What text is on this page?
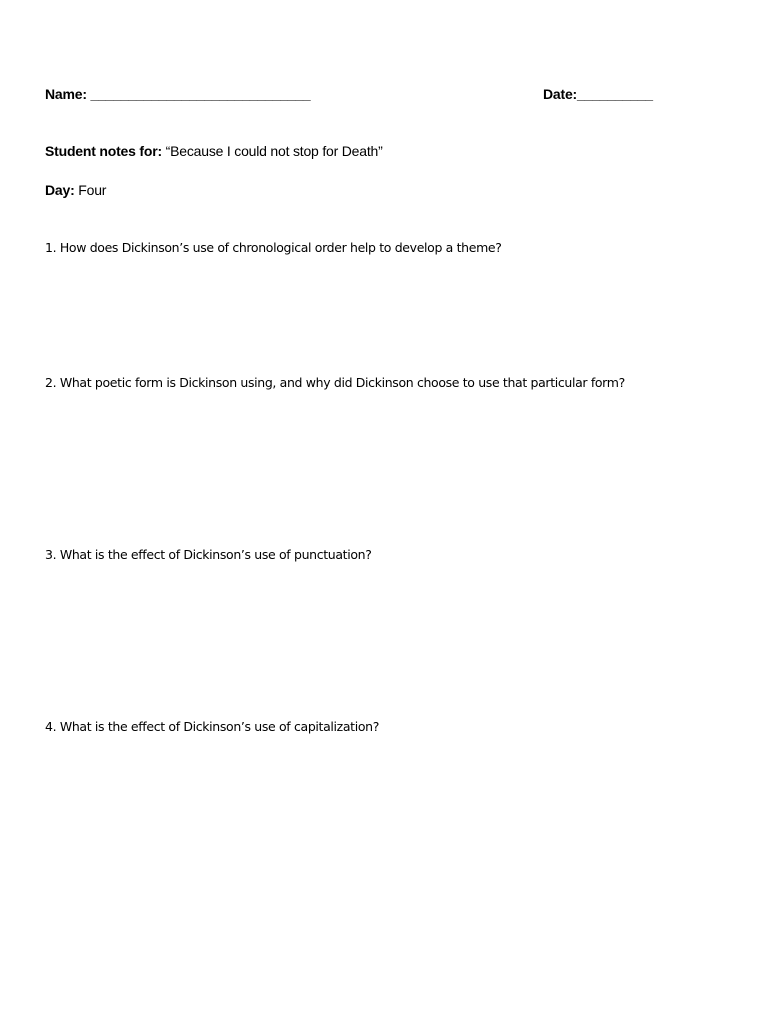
Name: _____________________________	Date:__________
Student notes for: “Because I could not stop for Death”
Day: Four
1. How does Dickinson’s use of chronological order help to develop a theme?
2. What poetic form is Dickinson using, and why did Dickinson choose to use that particular form?
3. What is the effect of Dickinson’s use of punctuation?
4. What is the effect of Dickinson’s use of capitalization?
